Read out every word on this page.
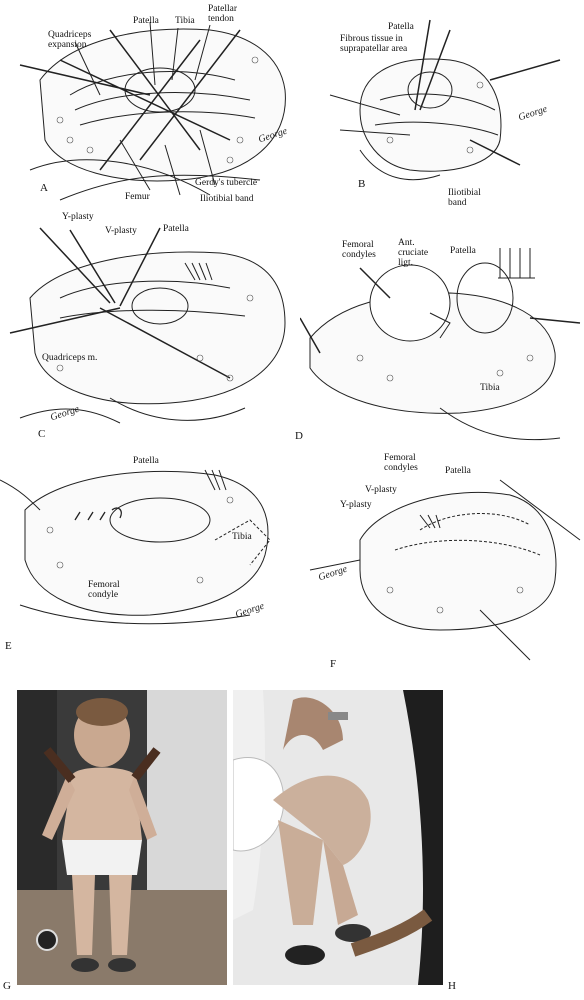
Quadriceps expansion
Patella Tibia
Patellar tendon
Femur
Gerdy's tubercle
Iliotibial band
George
A
Patella
Fibrous tissue in suprapatellar area
Iliotibial band
George
B
Y-plasty
V-plasty	Patella
Quadriceps m.
George
C
Femoral condyles
Ant. cruciate ligt.
Patella
Tibia
D
Patella
Tibia
Femoral condyle
George
E
Femoral condyles	Patella
V-plasty
Y-plasty
George
F
G	H
